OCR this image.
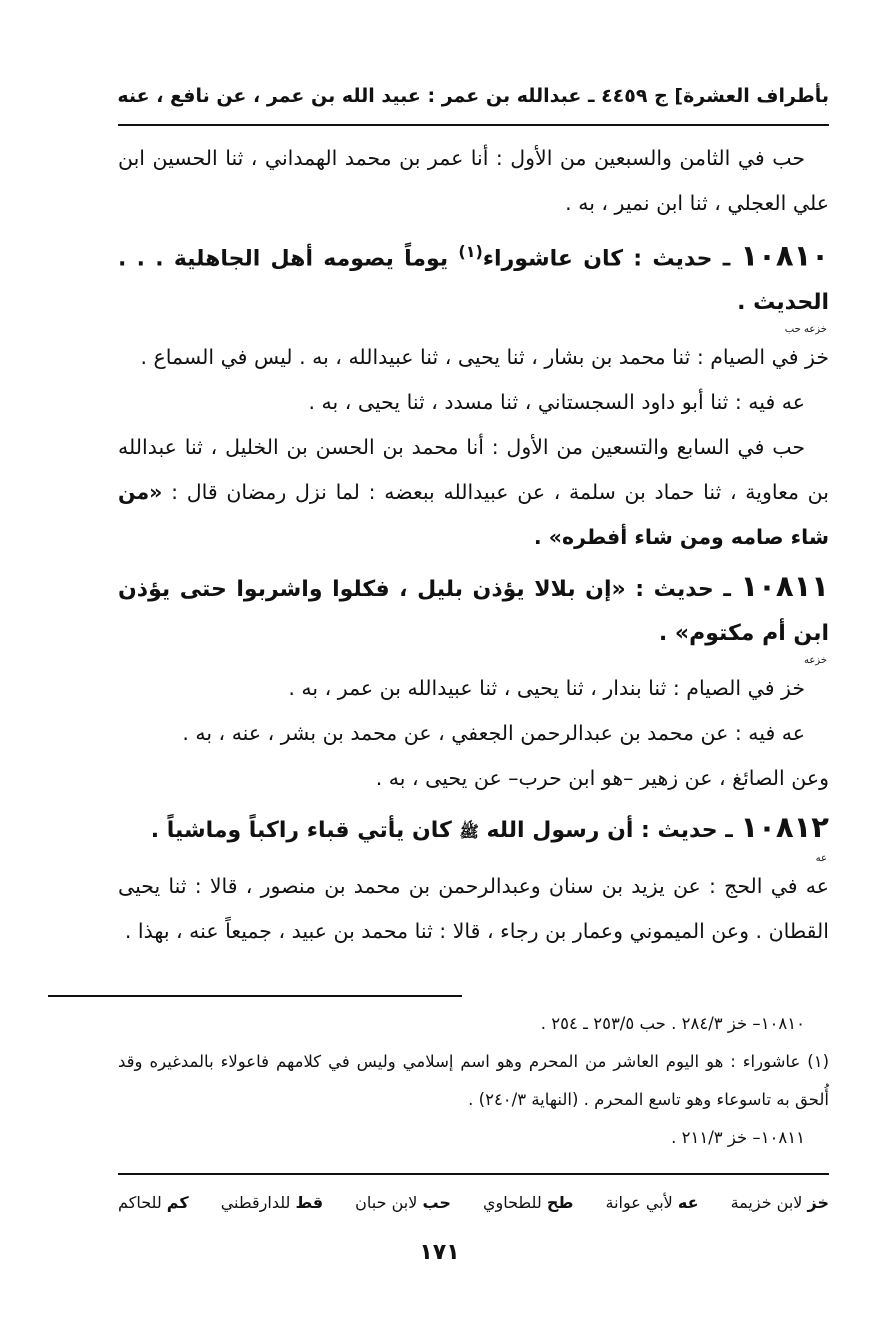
بأطراف العشرة] ج ٩
٤٤٥ ـ عبدالله بن عمر : عبيد الله بن عمر ، عن نافع ، عنه

حب في الثامن والسبعين من الأول : أنا عمر بن محمد الهمداني ، ثنا الحسين ابن علي العجلي ، ثنا ابن نمير ، به .

١٠٨١٠ ـ حديث : كان عاشوراء$^{(١)}$ يوماً يصومه أهل الجاهلية . . . الحديث .
خزعه حب

خز في الصيام : ثنا محمد بن بشار ، ثنا يحيى ، ثنا عبيدالله ، به . ليس في السماع .

عه فيه : ثنا أبو داود السجستاني ، ثنا مسدد ، ثنا يحيى ، به .

حب في السابع والتسعين من الأول : أنا محمد بن الحسن بن الخليل ، ثنا عبدالله بن معاوية ، ثنا حماد بن سلمة ، عن عبيدالله ببعضه : لما نزل رمضان قال : «من شاء صامه ومن شاء أفطره» .

١٠٨١١ ـ حديث : «إن بلالا يؤذن بليل ، فكلوا واشربوا حتى يؤذن ابن أم مكتوم» .
خزعه

خز في الصيام : ثنا بندار ، ثنا يحيى ، ثنا عبيدالله بن عمر ، به .

عه فيه : عن محمد بن عبدالرحمن الجعفي ، عن محمد بن بشر ، عنه ، به .

وعن الصائغ ، عن زهير –هو ابن حرب– عن يحيى ، به .

١٠٨١٢ ـ حديث : أن رسول الله ﷺ كان يأتي قباء راكباً وماشياً .
عه

عه في الحج : عن يزيد بن سنان وعبدالرحمن بن محمد بن منصور ، قالا : ثنا يحيى القطان . وعن الميموني وعمار بن رجاء ، قالا : ثنا محمد بن عبيد ، جميعاً عنه ، بهذا .

١٠٨١٠– خز ٢٨٤/٣ . حب ٢٥٣/٥ ـ ٢٥٤ .

(١) عاشوراء : هو اليوم العاشر من المحرم وهو اسم إسلامي وليس في كلامهم فاعولاء بالمدغيره وقد أُلحق به تاسوعاء وهو تاسع المحرم . (النهاية ٢٤٠/٣) .

١٠٨١١– خز ٢١١/٣ .

خز لابن خزيمة
عه لأبي عوانة
طح للطحاوي
حب لابن حبان
قط للدارقطني
كم للحاكم
١٧١
